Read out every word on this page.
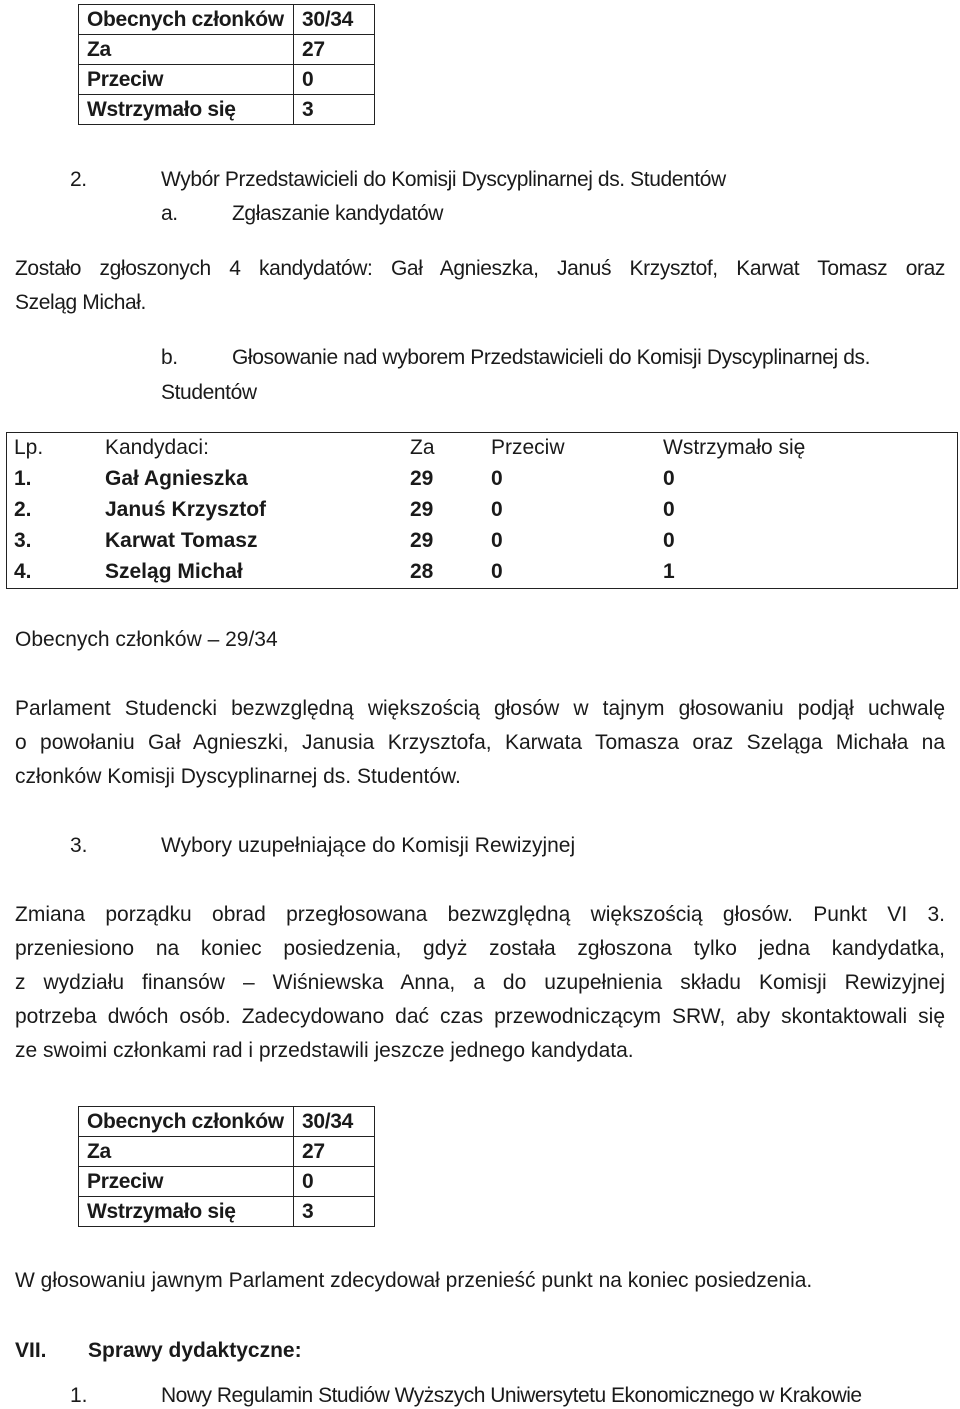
Obecnych członków	30/34
Za	27
Przeciw	0
Wstrzymało się	3
2.	Wybór Przedstawicieli do Komisji Dyscyplinarnej ds. Studentów
a.	Zgłaszanie kandydatów
Zostało zgłoszonych 4 kandydatów: Gał Agnieszka, Januś Krzysztof, Karwat Tomasz oraz
Szeląg Michał.
b.	Głosowanie nad wyborem Przedstawicieli do Komisji Dyscyplinarnej ds.
Studentów
Lp.	Kandydaci:	Za	Przeciw	Wstrzymało się
1.	Gał Agnieszka	29	0	0
2.	Januś Krzysztof	29	0	0
3.	Karwat Tomasz	29	0	0
4.	Szeląg Michał	28	0	1
Obecnych członków – 29/34
Parlament Studencki bezwzględną większością głosów w tajnym głosowaniu podjął uchwalę
o powołaniu Gał Agnieszki, Janusia Krzysztofa, Karwata Tomasza oraz Szeląga Michała na
członków Komisji Dyscyplinarnej ds. Studentów.
3.	Wybory uzupełniające do Komisji Rewizyjnej
Zmiana porządku obrad przegłosowana bezwzględną większością głosów. Punkt VI 3.
przeniesiono na koniec posiedzenia, gdyż została zgłoszona tylko jedna kandydatka,
z wydziału finansów – Wiśniewska Anna, a do uzupełnienia składu Komisji Rewizyjnej
potrzeba dwóch osób. Zadecydowano dać czas przewodniczącym SRW, aby skontaktowali się
ze swoimi członkami rad i przedstawili jeszcze jednego kandydata.
Obecnych członków	30/34
Za	27
Przeciw	0
Wstrzymało się	3
W głosowaniu jawnym Parlament zdecydował przenieść punkt na koniec posiedzenia.
VII. Sprawy dydaktyczne:
1.	Nowy Regulamin Studiów Wyższych Uniwersytetu Ekonomicznego w Krakowie
